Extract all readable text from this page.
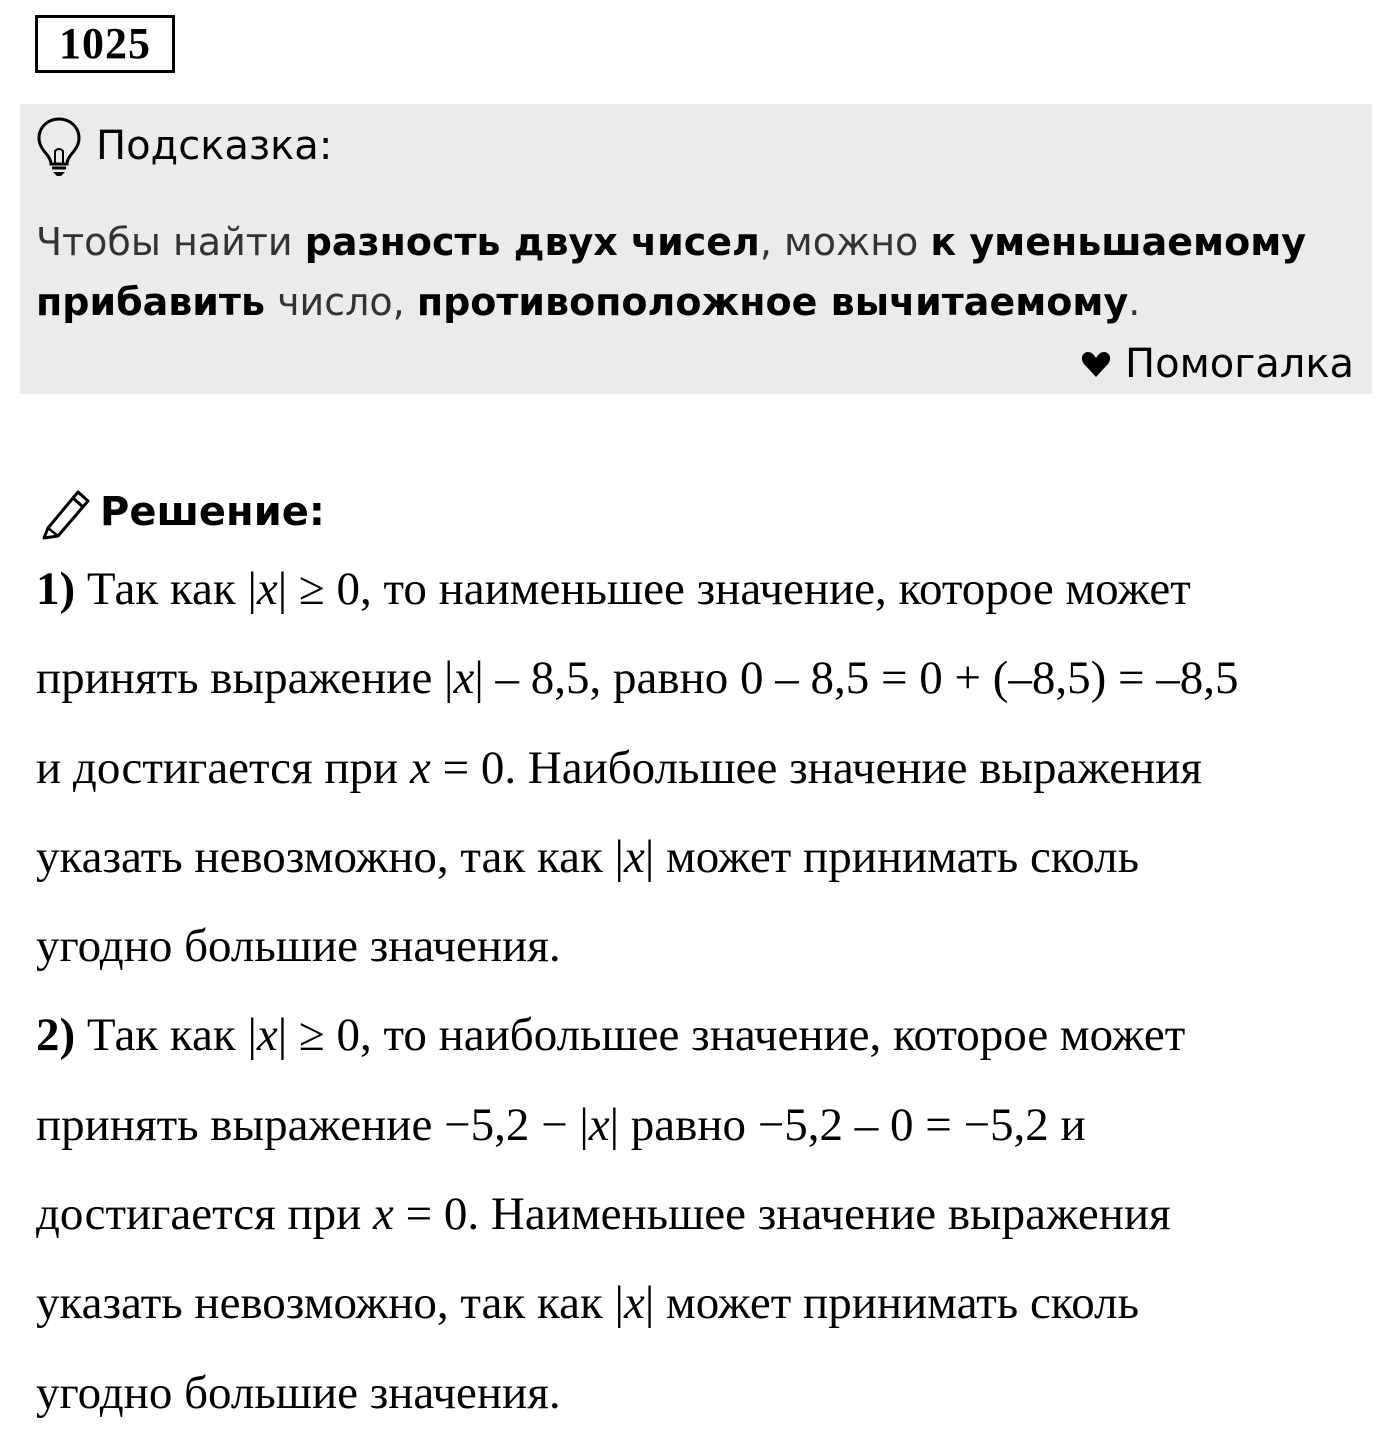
1025
Подсказка:
Чтобы найти разность двух чисел, можно к уменьшаемому
прибавить число, противоположное вычитаемому.
Помогалка
Решение:
1) Так как |x| ≥ 0, то наименьшее значение, которое может
принять выражение |x| – 8,5, равно 0 – 8,5 = 0 + (–8,5) = –8,5
и достигается при x = 0. Наибольшее значение выражения
указать невозможно, так как |x| может принимать сколь
угодно большие значения.
2) Так как |x| ≥ 0, то наибольшее значение, которое может
принять выражение −5,2 − |x| равно −5,2 – 0 = −5,2 и
достигается при x = 0. Наименьшее значение выражения
указать невозможно, так как |x| может принимать сколь
угодно большие значения.
